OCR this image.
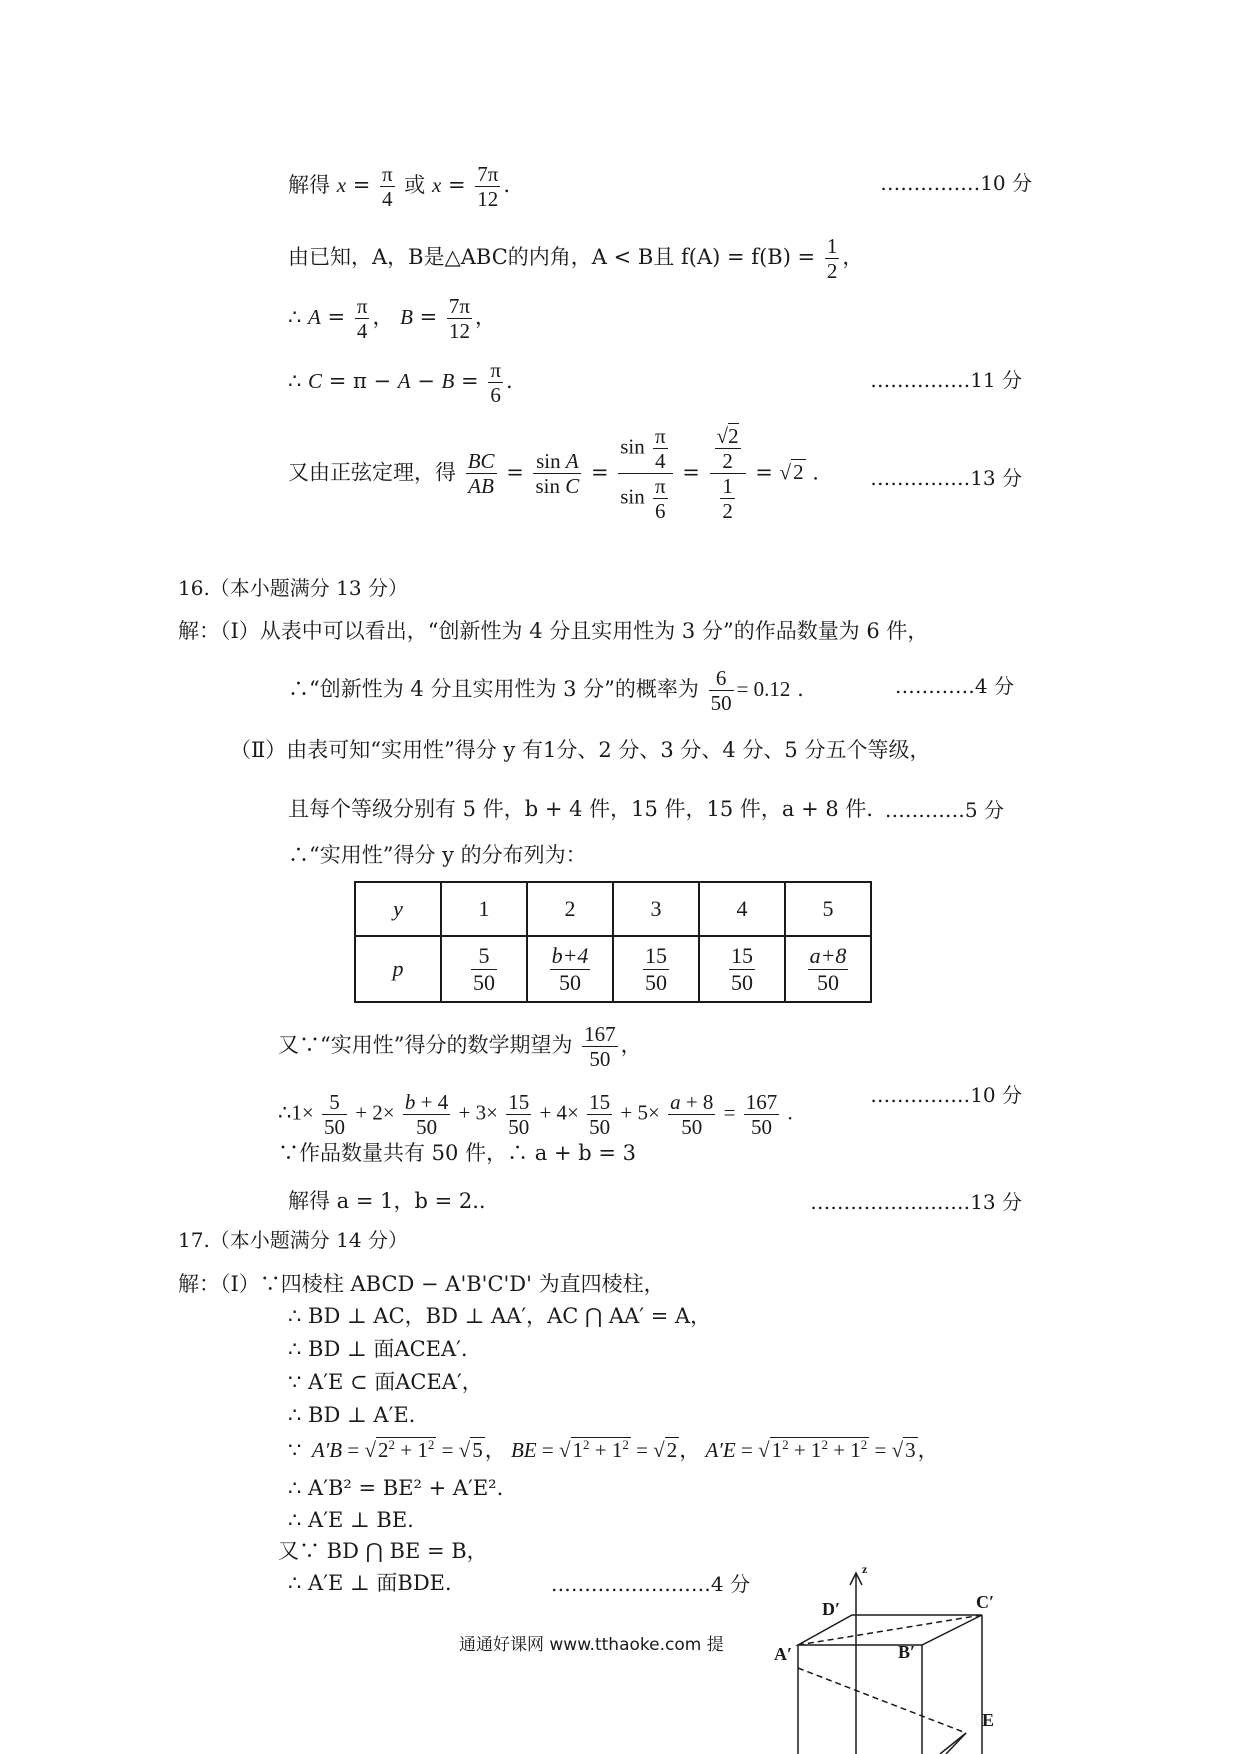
解得 $x = \frac{\pi}{4}$ 或 $x = \frac{7\pi}{12}$ .	……………10 分
由已知，A，B是△ABC的内角，A < B且 $f(A) = f(B) = \frac{1}{2}$ ，
∴ $A = \frac{\pi}{4}$ ， $B = \frac{7\pi}{12}$ ，
∴ $C = \pi - A - B = \frac{\pi}{6}$ .	……………11 分
又由正弦定理，得 $\frac{BC}{AB} = \frac{\text{sin A}}{\text{sin C}} = \frac{\sin \frac{\pi}{4}}{\sin \frac{\pi}{6}} = \frac{\frac{√2}{2}}{\frac{1}{2}} = √2$ .	……………13 分
16.（本小题满分 13 分）
解：（Ⅰ）从表中可以看出，“创新性为 4 分且实用性为 3 分”的作品数量为 6 件，
∴“创新性为 4 分且实用性为 3 分”的概率为 $\frac{6}{50} = 0.12$ .	…………4 分
（Ⅱ）由表可知“实用性”得分 y 有1分、2 分、3 分、4 分、5 分五个等级，
且每个等级分别有 5 件，b + 4 件，15 件，15 件，a + 8 件．
…………5 分
∴“实用性”得分 y 的分布列为：
y	1	2	3	4	5
p	$\frac{5}{50}$	$\frac{b+4}{50}$	$\frac{15}{50}$	$\frac{15}{50}$	$\frac{a+8}{50}$
又∵“实用性”得分的数学期望为 $\frac{167}{50}$ ，
∴1× $\frac{5}{50} + 2\times \frac{b + 4}{50} + 3\times \frac{15}{50} + 4\times \frac{15}{50} + 5\times \frac{a + 8}{50} = \frac{167}{50}$ .
……………10 分
∵作品数量共有 50 件，∴ a + b = 3
解得 a = 1，b = 2..	……………………13 分
17.（本小题满分 14 分）
解：（Ⅰ）∵四棱柱 ABCD − A'B'C'D' 为直四棱柱，
∴ BD ⊥ AC，BD ⊥ AA′，AC ⋂ AA′ = A，
∴ BD ⊥ 面ACEA′.
∵ A′E ⊂ 面ACEA′，
∴ BD ⊥ A′E.
∵  $A'B = √2^2 + 1^2 = √5$， BE = $√1^2 + 1^2 = √2$， $A'E = √1^2 + 1^2 + 1^2 = √3$，
∴ A′B² = BE² + A′E².
∴ A′E ⊥ BE.
又∵ BD ⋂ BE = B，
∴ A′E ⊥ 面BDE．	……………………4 分
z
D′	C′
A′	B′
E
通通好课网 www.tthaoke.com 提
